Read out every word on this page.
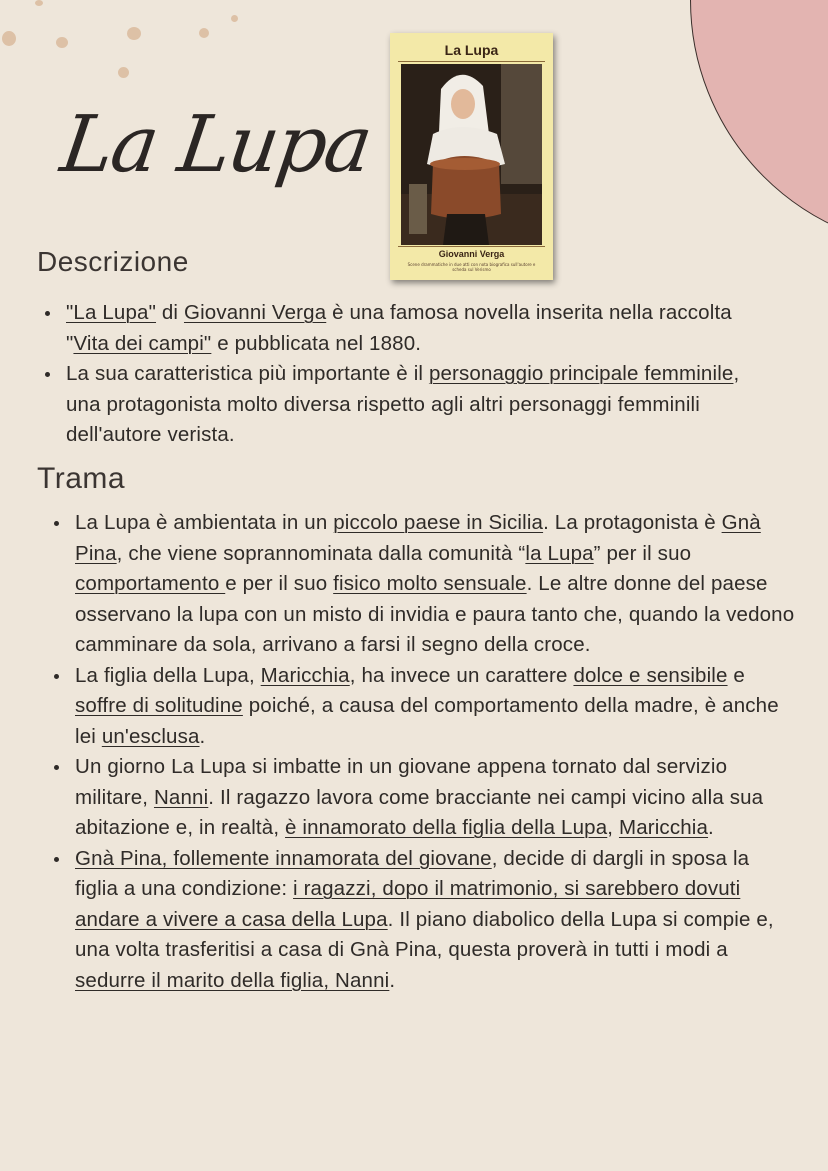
La Lupa
La Lupa
Giovanni Verga
Scene drammatiche in due atti con nota biografica sull'autore e scheda sul Verismo
Descrizione
"La Lupa" di Giovanni Verga è una famosa novella inserita nella raccolta "Vita dei campi" e pubblicata nel 1880.
La sua caratteristica più importante è il personaggio principale femminile, una protagonista molto diversa rispetto agli altri personaggi femminili dell'autore verista.
Trama
La Lupa è ambientata in un piccolo paese in Sicilia. La protagonista è Gnà Pina, che viene soprannominata dalla comunità “la Lupa” per il suo comportamento e per il suo fisico molto sensuale. Le altre donne del paese osservano la lupa con un misto di invidia e paura tanto che, quando la vedono camminare da sola, arrivano a farsi il segno della croce.
La figlia della Lupa, Maricchia, ha invece un carattere dolce e sensibile e soffre di solitudine poiché, a causa del comportamento della madre, è anche lei un'esclusa.
Un giorno La Lupa si imbatte in un giovane appena tornato dal servizio militare, Nanni. Il ragazzo lavora come bracciante nei campi vicino alla sua abitazione e, in realtà, è innamorato della figlia della Lupa, Maricchia.
Gnà Pina, follemente innamorata del giovane, decide di dargli in sposa la figlia a una condizione: i ragazzi, dopo il matrimonio, si sarebbero dovuti andare a vivere a casa della Lupa. Il piano diabolico della Lupa si compie e, una volta trasferitisi a casa di Gnà Pina, questa proverà in tutti i modi a sedurre il marito della figlia, Nanni.
